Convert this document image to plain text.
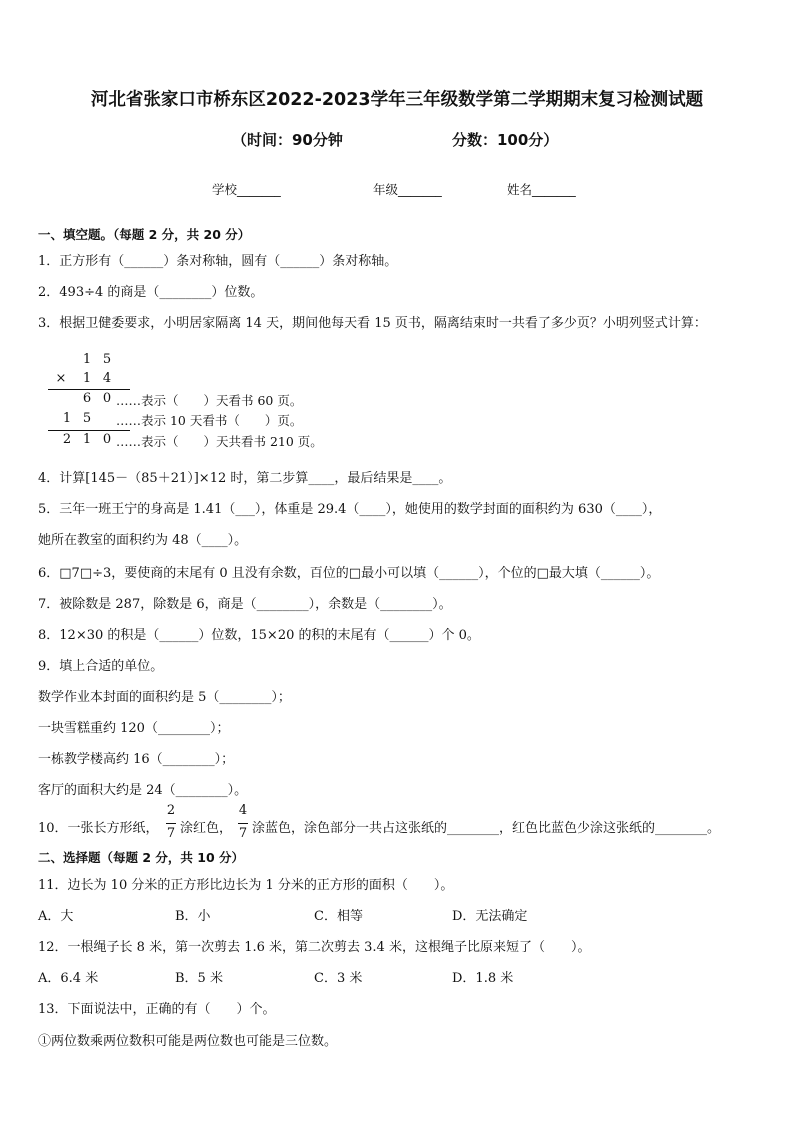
河北省张家口市桥东区2022-2023学年三年级数学第二学期期末复习检测试题
（时间：90分钟	分数：100分）
学校_______	年级_______	姓名_______
一、填空题。（每题 2 分，共 20 分）
1．正方形有（______）条对称轴，圆有（______）条对称轴。
2．493÷4 的商是（________）位数。
3．根据卫健委要求，小明居家隔离 14 天，期间他每天看 15 页书，隔离结束时一共看了多少页？小明列竖式计算：
1 5
× 1 4
6 0 ……表示（　　）天看书 60 页。
1 5 ……表示 10 天看书（　　）页。
2 1 0 ……表示（　　）天共看书 210 页。
4．计算[145－（85＋21）]×12 时，第二步算____，最后结果是____。
5．三年一班王宁的身高是 1.41（___），体重是 29.4（____），她使用的数学封面的面积约为 630（____），
她所在教室的面积约为 48（____）。
6．□7□÷3，要使商的末尾有 0 且没有余数，百位的□最小可以填（______），个位的□最大填（______）。
7．被除数是 287，除数是 6，商是（________），余数是（________）。
8．12×30 的积是（______）位数，15×20 的积的末尾有（______）个 0。
9．填上合适的单位。
数学作业本封面的面积约是 5（________）；
一块雪糕重约 120（________）；
一栋教学楼高约 16（________）；
客厅的面积大约是 24（________）。
10．一张长方形纸，
2
7 涂红色，
4
7 涂蓝色，涂色部分一共占这张纸的________，红色比蓝色少涂这张纸的________。
二、选择题（每题 2 分，共 10 分）
11．边长为 10 分米的正方形比边长为 1 分米的正方形的面积（　　）。
A．大	B．小	C．相等	D．无法确定
12．一根绳子长 8 米，第一次剪去 1.6 米，第二次剪去 3.4 米，这根绳子比原来短了（　　）。
A．6.4 米	B．5 米	C．3 米	D．1.8 米
13．下面说法中，正确的有（　　）个。
①两位数乘两位数积可能是两位数也可能是三位数。
